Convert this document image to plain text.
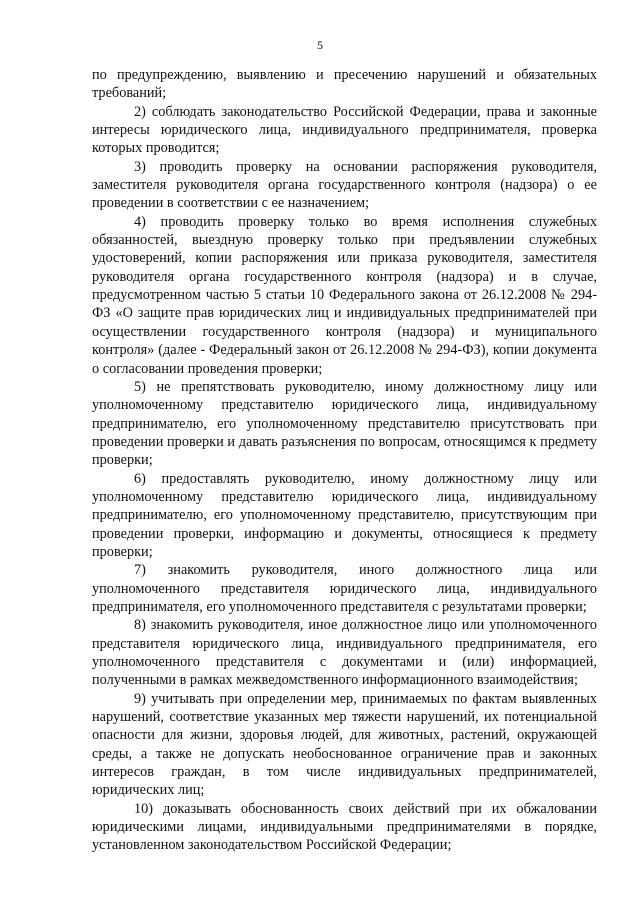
5

по предупреждению, выявлению и пресечению нарушений и обязательных требований;

2) соблюдать законодательство Российской Федерации, права и законные интересы юридического лица, индивидуального предпринимателя, проверка которых проводится;

3) проводить проверку на основании распоряжения руководителя, заместителя руководителя органа государственного контроля (надзора) о ее проведении в соответствии с ее назначением;

4) проводить проверку только во время исполнения служебных обязанностей, выездную проверку только при предъявлении служебных удостоверений, копии распоряжения или приказа руководителя, заместителя руководителя органа государственного контроля (надзора) и в случае, предусмотренном частью 5 статьи 10 Федерального закона от 26.12.2008 № 294-ФЗ «О защите прав юридических лиц и индивидуальных предпринимателей при осуществлении государственного контроля (надзора) и муниципального контроля» (далее - Федеральный закон от 26.12.2008 № 294-ФЗ), копии документа о согласовании проведения проверки;

5) не препятствовать руководителю, иному должностному лицу или уполномоченному представителю юридического лица, индивидуальному предпринимателю, его уполномоченному представителю присутствовать при проведении проверки и давать разъяснения по вопросам, относящимся к предмету проверки;

6) предоставлять руководителю, иному должностному лицу или уполномоченному представителю юридического лица, индивидуальному предпринимателю, его уполномоченному представителю, присутствующим при проведении проверки, информацию и документы, относящиеся к предмету проверки;

7) знакомить руководителя, иного должностного лица или уполномоченного представителя юридического лица, индивидуального предпринимателя, его уполномоченного представителя с результатами проверки;

8) знакомить руководителя, иное должностное лицо или уполномоченного представителя юридического лица, индивидуального предпринимателя, его уполномоченного представителя с документами и (или) информацией, полученными в рамках межведомственного информационного взаимодействия;

9) учитывать при определении мер, принимаемых по фактам выявленных нарушений, соответствие указанных мер тяжести нарушений, их потенциальной опасности для жизни, здоровья людей, для животных, растений, окружающей среды, а также не допускать необоснованное ограничение прав и законных интересов граждан, в том числе индивидуальных предпринимателей, юридических лиц;

10) доказывать обоснованность своих действий при их обжаловании юридическими лицами, индивидуальными предпринимателями в порядке, установленном законодательством Российской Федерации;
